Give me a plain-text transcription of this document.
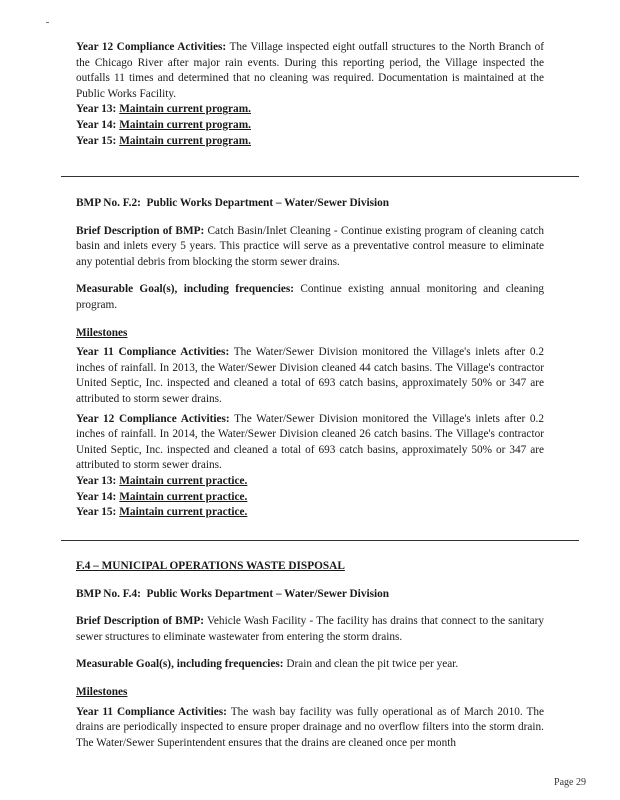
Year 12 Compliance Activities: The Village inspected eight outfall structures to the North Branch of the Chicago River after major rain events. During this reporting period, the Village inspected the outfalls 11 times and determined that no cleaning was required. Documentation is maintained at the Public Works Facility.

Year 13: Maintain current program.

Year 14: Maintain current program.

Year 15: Maintain current program.

BMP No. F.2: Public Works Department – Water/Sewer Division

Brief Description of BMP: Catch Basin/Inlet Cleaning - Continue existing program of cleaning catch basin and inlets every 5 years. This practice will serve as a preventative control measure to eliminate any potential debris from blocking the storm sewer drains.

Measurable Goal(s), including frequencies: Continue existing annual monitoring and cleaning program.

Milestones

Year 11 Compliance Activities: The Water/Sewer Division monitored the Village's inlets after 0.2 inches of rainfall. In 2013, the Water/Sewer Division cleaned 44 catch basins. The Village's contractor United Septic, Inc. inspected and cleaned a total of 693 catch basins, approximately 50% or 347 are attributed to storm sewer drains.

Year 12 Compliance Activities: The Water/Sewer Division monitored the Village's inlets after 0.2 inches of rainfall. In 2014, the Water/Sewer Division cleaned 26 catch basins. The Village's contractor United Septic, Inc. inspected and cleaned a total of 693 catch basins, approximately 50% or 347 are attributed to storm sewer drains.

Year 13: Maintain current practice.

Year 14: Maintain current practice.

Year 15: Maintain current practice.

F.4 – MUNICIPAL OPERATIONS WASTE DISPOSAL

BMP No. F.4: Public Works Department – Water/Sewer Division

Brief Description of BMP: Vehicle Wash Facility - The facility has drains that connect to the sanitary sewer structures to eliminate wastewater from entering the storm drains.

Measurable Goal(s), including frequencies: Drain and clean the pit twice per year.

Milestones

Year 11 Compliance Activities: The wash bay facility was fully operational as of March 2010. The drains are periodically inspected to ensure proper drainage and no overflow filters into the storm drain. The Water/Sewer Superintendent ensures that the drains are cleaned once per month

Page 29
